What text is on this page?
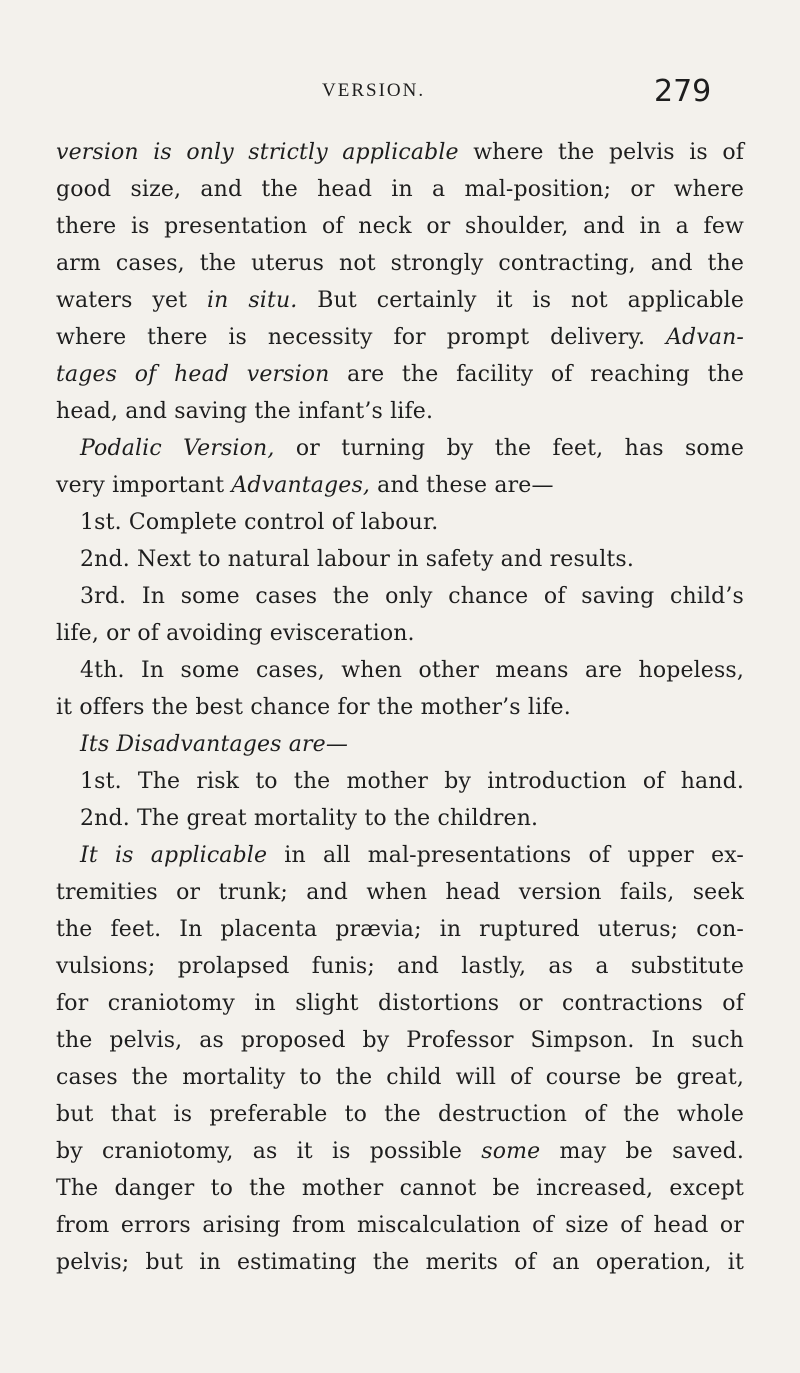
VERSION.	279
version is only strictly applicable where the pelvis is of
good size, and the head in a mal-position; or where
there is presentation of neck or shoulder, and in a few
arm cases, the uterus not strongly contracting, and the
waters yet in situ. But certainly it is not applicable
where there is necessity for prompt delivery. Advan-
tages of head version are the facility of reaching the
head, and saving the infant’s life.
Podalic Version, or turning by the feet, has some
very important Advantages, and these are—
1st. Complete control of labour.
2nd. Next to natural labour in safety and results.
3rd. In some cases the only chance of saving child’s
life, or of avoiding evisceration.
4th. In some cases, when other means are hopeless,
it offers the best chance for the mother’s life.
Its Disadvantages are—
1st. The risk to the mother by introduction of hand.
2nd. The great mortality to the children.
It is applicable in all mal-presentations of upper ex-
tremities or trunk; and when head version fails, seek
the feet. In placenta prævia; in ruptured uterus; con-
vulsions; prolapsed funis; and lastly, as a substitute
for craniotomy in slight distortions or contractions of
the pelvis, as proposed by Professor Simpson. In such
cases the mortality to the child will of course be great,
but that is preferable to the destruction of the whole
by craniotomy, as it is possible some may be saved.
The danger to the mother cannot be increased, except
from errors arising from miscalculation of size of head or
pelvis; but in estimating the merits of an operation, it
